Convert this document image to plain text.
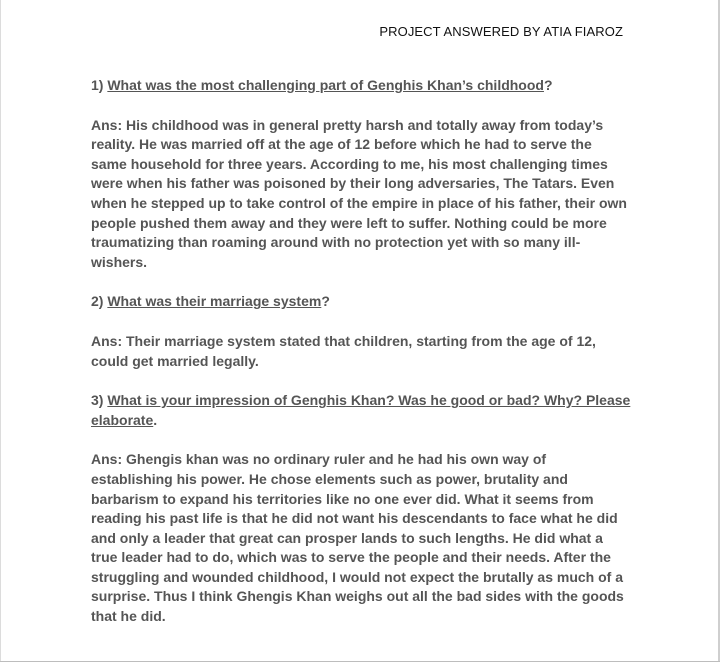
PROJECT ANSWERED BY ATIA FIAROZ

1) What was the most challenging part of Genghis Khan’s childhood?

Ans: His childhood was in general pretty harsh and totally away from today’s reality. He was married off at the age of 12 before which he had to serve the same household for three years. According to me, his most challenging times were when his father was poisoned by their long adversaries, The Tatars. Even when he stepped up to take control of the empire in place of his father, their own people pushed them away and they were left to suffer. Nothing could be more traumatizing than roaming around with no protection yet with so many ill-wishers.

2) What was their marriage system?

Ans: Their marriage system stated that children, starting from the age of 12, could get married legally.

3) What is your impression of Genghis Khan? Was he good or bad? Why? Please elaborate.

Ans: Ghengis khan was no ordinary ruler and he had his own way of establishing his power. He chose elements such as power, brutality and barbarism to expand his territories like no one ever did. What it seems from reading his past life is that he did not want his descendants to face what he did and only a leader that great can prosper lands to such lengths. He did what a true leader had to do, which was to serve the people and their needs. After the struggling and wounded childhood, I would not expect the brutally as much of a surprise. Thus I think Ghengis Khan weighs out all the bad sides with the goods that he did.
